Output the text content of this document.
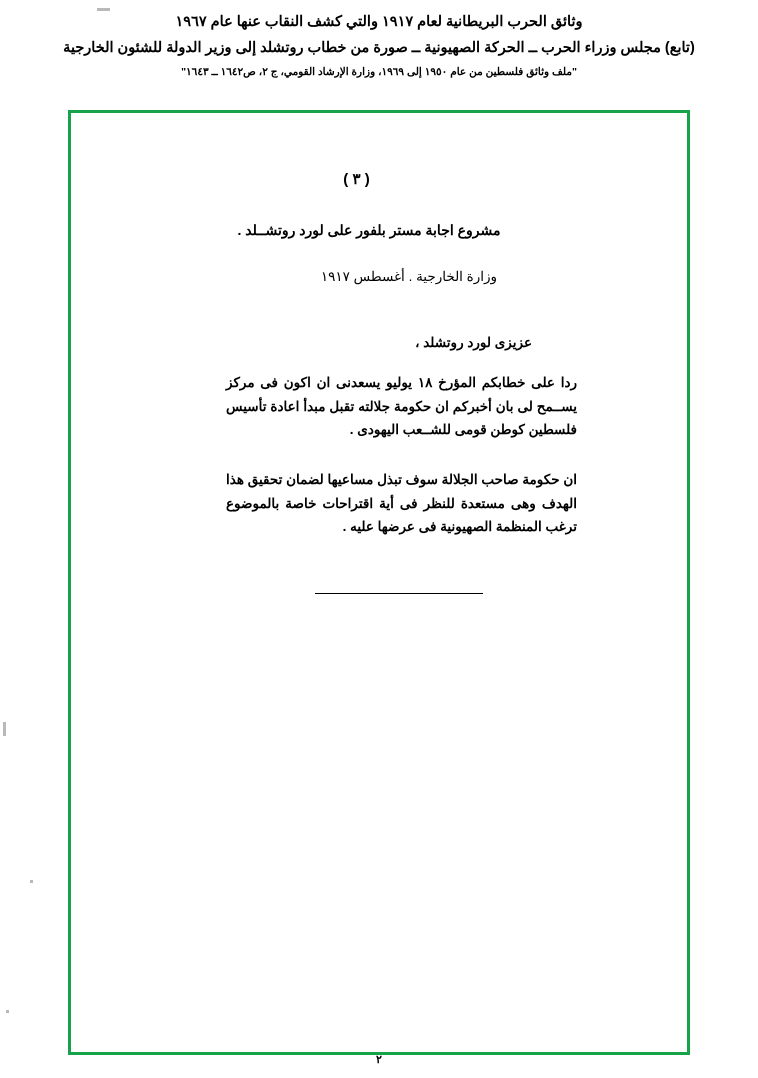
وثائق الحرب البريطانية لعام ١٩١٧ والتي كشف النقاب عنها عام ١٩٦٧
(تابع) مجلس وزراء الحرب ــ الحركة الصهيونية ــ صورة من خطاب روتشلد إلى وزير الدولة للشئون الخارجية
"ملف وثائق فلسطين من عام ١٩٥٠ إلى ١٩٦٩، وزارة الإرشاد القومي، ج ٢، ص١٦٤٢ ــ ١٦٤٣"
( ٣ )
مشروع اجابة مستر بلفور على لورد روتشــلد .
وزارة الخارجية . أغسطس ١٩١٧
عزيزى لورد روتشلد ،

ردا على خطابكم المؤرخ ١٨ يوليو يسعدنى ان اكون فى مركز يســمح لى بان أخبركم ان حكومة جلالته تقبل مبدأ اعادة تأسيس فلسطين كوطن قومى للشــعب اليهودى .

ان حكومة صاحب الجلالة سوف تبذل مساعيها لضمان تحقيق هذا الهدف وهى مستعدة للنظر فى أية اقتراحات خاصة بالموضوع ترغب المنظمة الصهيونية فى عرضها عليه .

٢
